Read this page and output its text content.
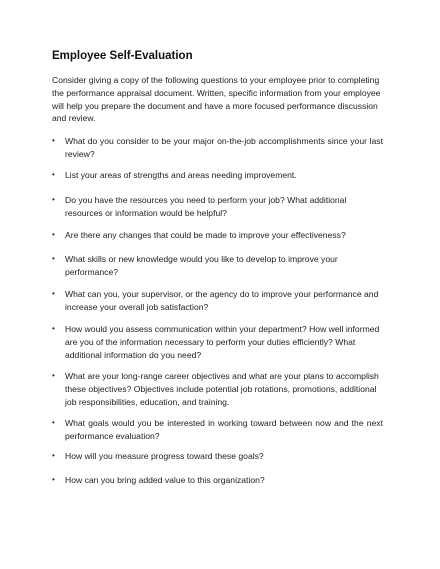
Employee Self-Evaluation
Consider giving a copy of the following questions to your employee prior to completing the performance appraisal document. Written, specific information from your employee will help you prepare the document and have a more focused performance discussion and review.
•	What do you consider to be your major on-the-job accomplishments since your last review?
•	List your areas of strengths and areas needing improvement.
•	Do you have the resources you need to perform your job? What additional resources or information would be helpful?
•	Are there any changes that could be made to improve your effectiveness?
•	What skills or new knowledge would you like to develop to improve your performance?
•	What can you, your supervisor, or the agency do to improve your performance and increase your overall job satisfaction?
•	How would you assess communication within your department? How well informed are you of the information necessary to perform your duties efficiently? What additional information do you need?
•	What are your long-range career objectives and what are your plans to accomplish these objectives? Objectives include potential job rotations, promotions, additional job responsibilities, education, and training.
•	What goals would you be interested in working toward between now and the next performance evaluation?
•	How will you measure progress toward these goals?
•	How can you bring added value to this organization?
